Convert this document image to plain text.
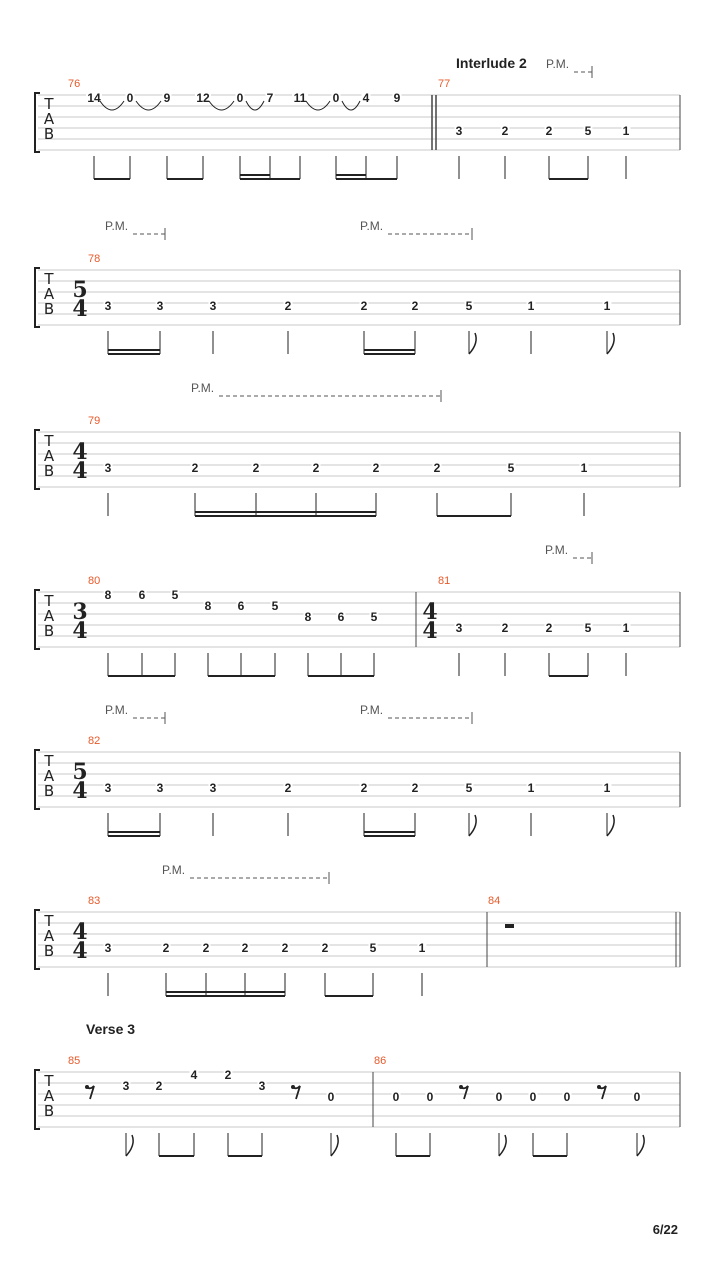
T
A
B
Interlude 2 P.M.
76
14 0	9 12 0 7 11 0 4 9
77
3	2	2	5	1
T
A
B
P.M.	P.M.
78
5
4 3	3	3	2	2	2	5	1	1
T
A
B
P.M.
79
4
4 3	2	2	2	2	2	5	1
T
A
B
P.M.
80
3
4
8 6 5
8 6 5
8 6 5
81
4
4 3	2	2	5	1
T
A
B
P.M.	P.M.
82
5
4 3	3	3	2	2	2	5	1	1
T
A
B
P.M.
83
4
4 3	2	2	2	2	2	5	1
84
T
A
B
Verse 3
85
3 2
4 2
3
0
86
0 0	0 0 0	0
6/22
